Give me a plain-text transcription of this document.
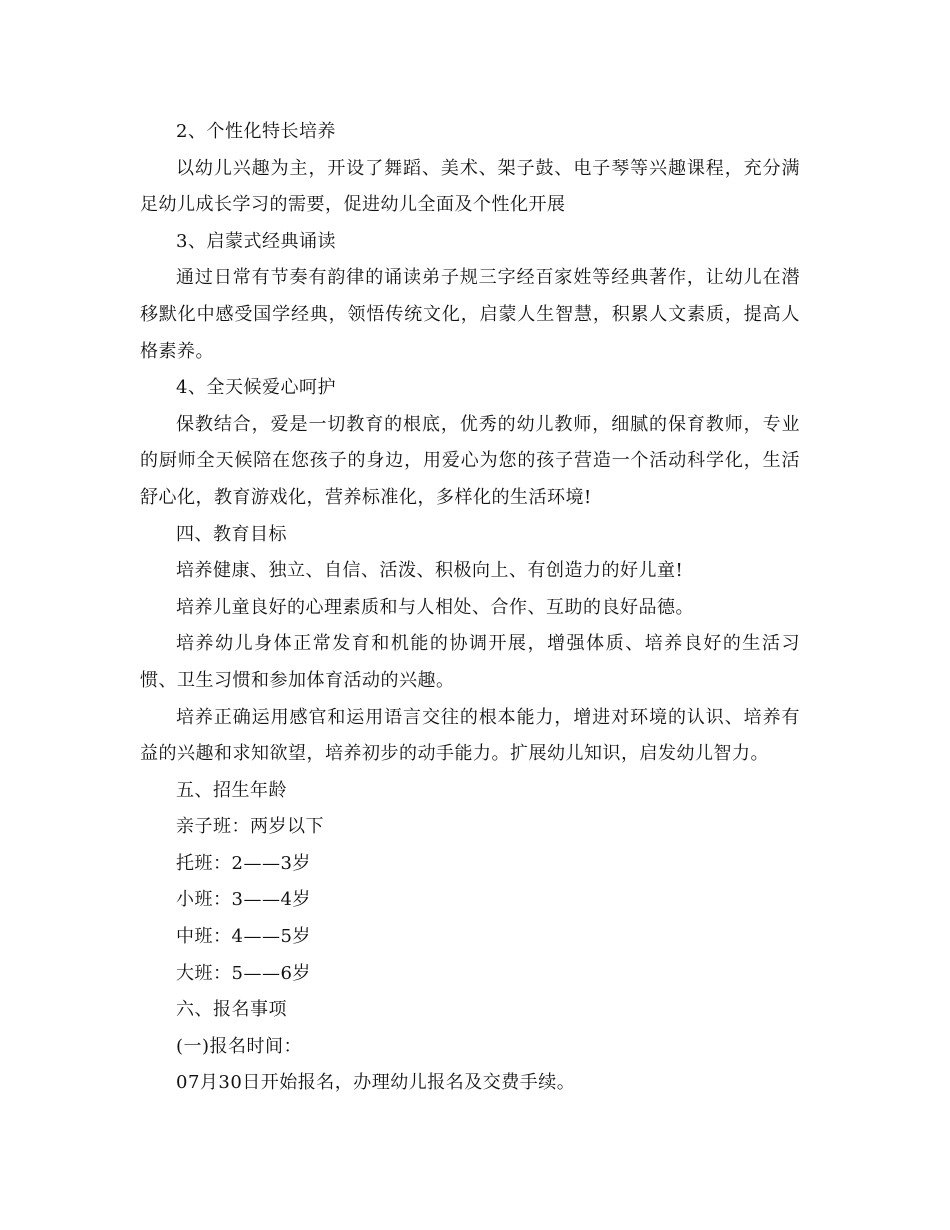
2、个性化特长培养

以幼儿兴趣为主，开设了舞蹈、美术、架子鼓、电子琴等兴趣课程，充分满足幼儿成长学习的需要，促进幼儿全面及个性化开展

3、启蒙式经典诵读

通过日常有节奏有韵律的诵读弟子规三字经百家姓等经典著作，让幼儿在潜移默化中感受国学经典，领悟传统文化，启蒙人生智慧，积累人文素质，提高人格素养。

4、全天候爱心呵护

保教结合，爱是一切教育的根底，优秀的幼儿教师，细腻的保育教师，专业的厨师全天候陪在您孩子的身边，用爱心为您的孩子营造一个活动科学化，生活舒心化，教育游戏化，营养标准化，多样化的生活环境!

四、教育目标

培养健康、独立、自信、活泼、积极向上、有创造力的好儿童!

培养儿童良好的心理素质和与人相处、合作、互助的良好品德。

培养幼儿身体正常发育和机能的协调开展，增强体质、培养良好的生活习惯、卫生习惯和参加体育活动的兴趣。

培养正确运用感官和运用语言交往的根本能力，增进对环境的认识、培养有益的兴趣和求知欲望，培养初步的动手能力。扩展幼儿知识，启发幼儿智力。

五、招生年龄

亲子班：两岁以下

托班：2——3岁

小班：3——4岁

中班：4——5岁

大班：5——6岁

六、报名事项

(一)报名时间：

07月30日开始报名，办理幼儿报名及交费手续。
